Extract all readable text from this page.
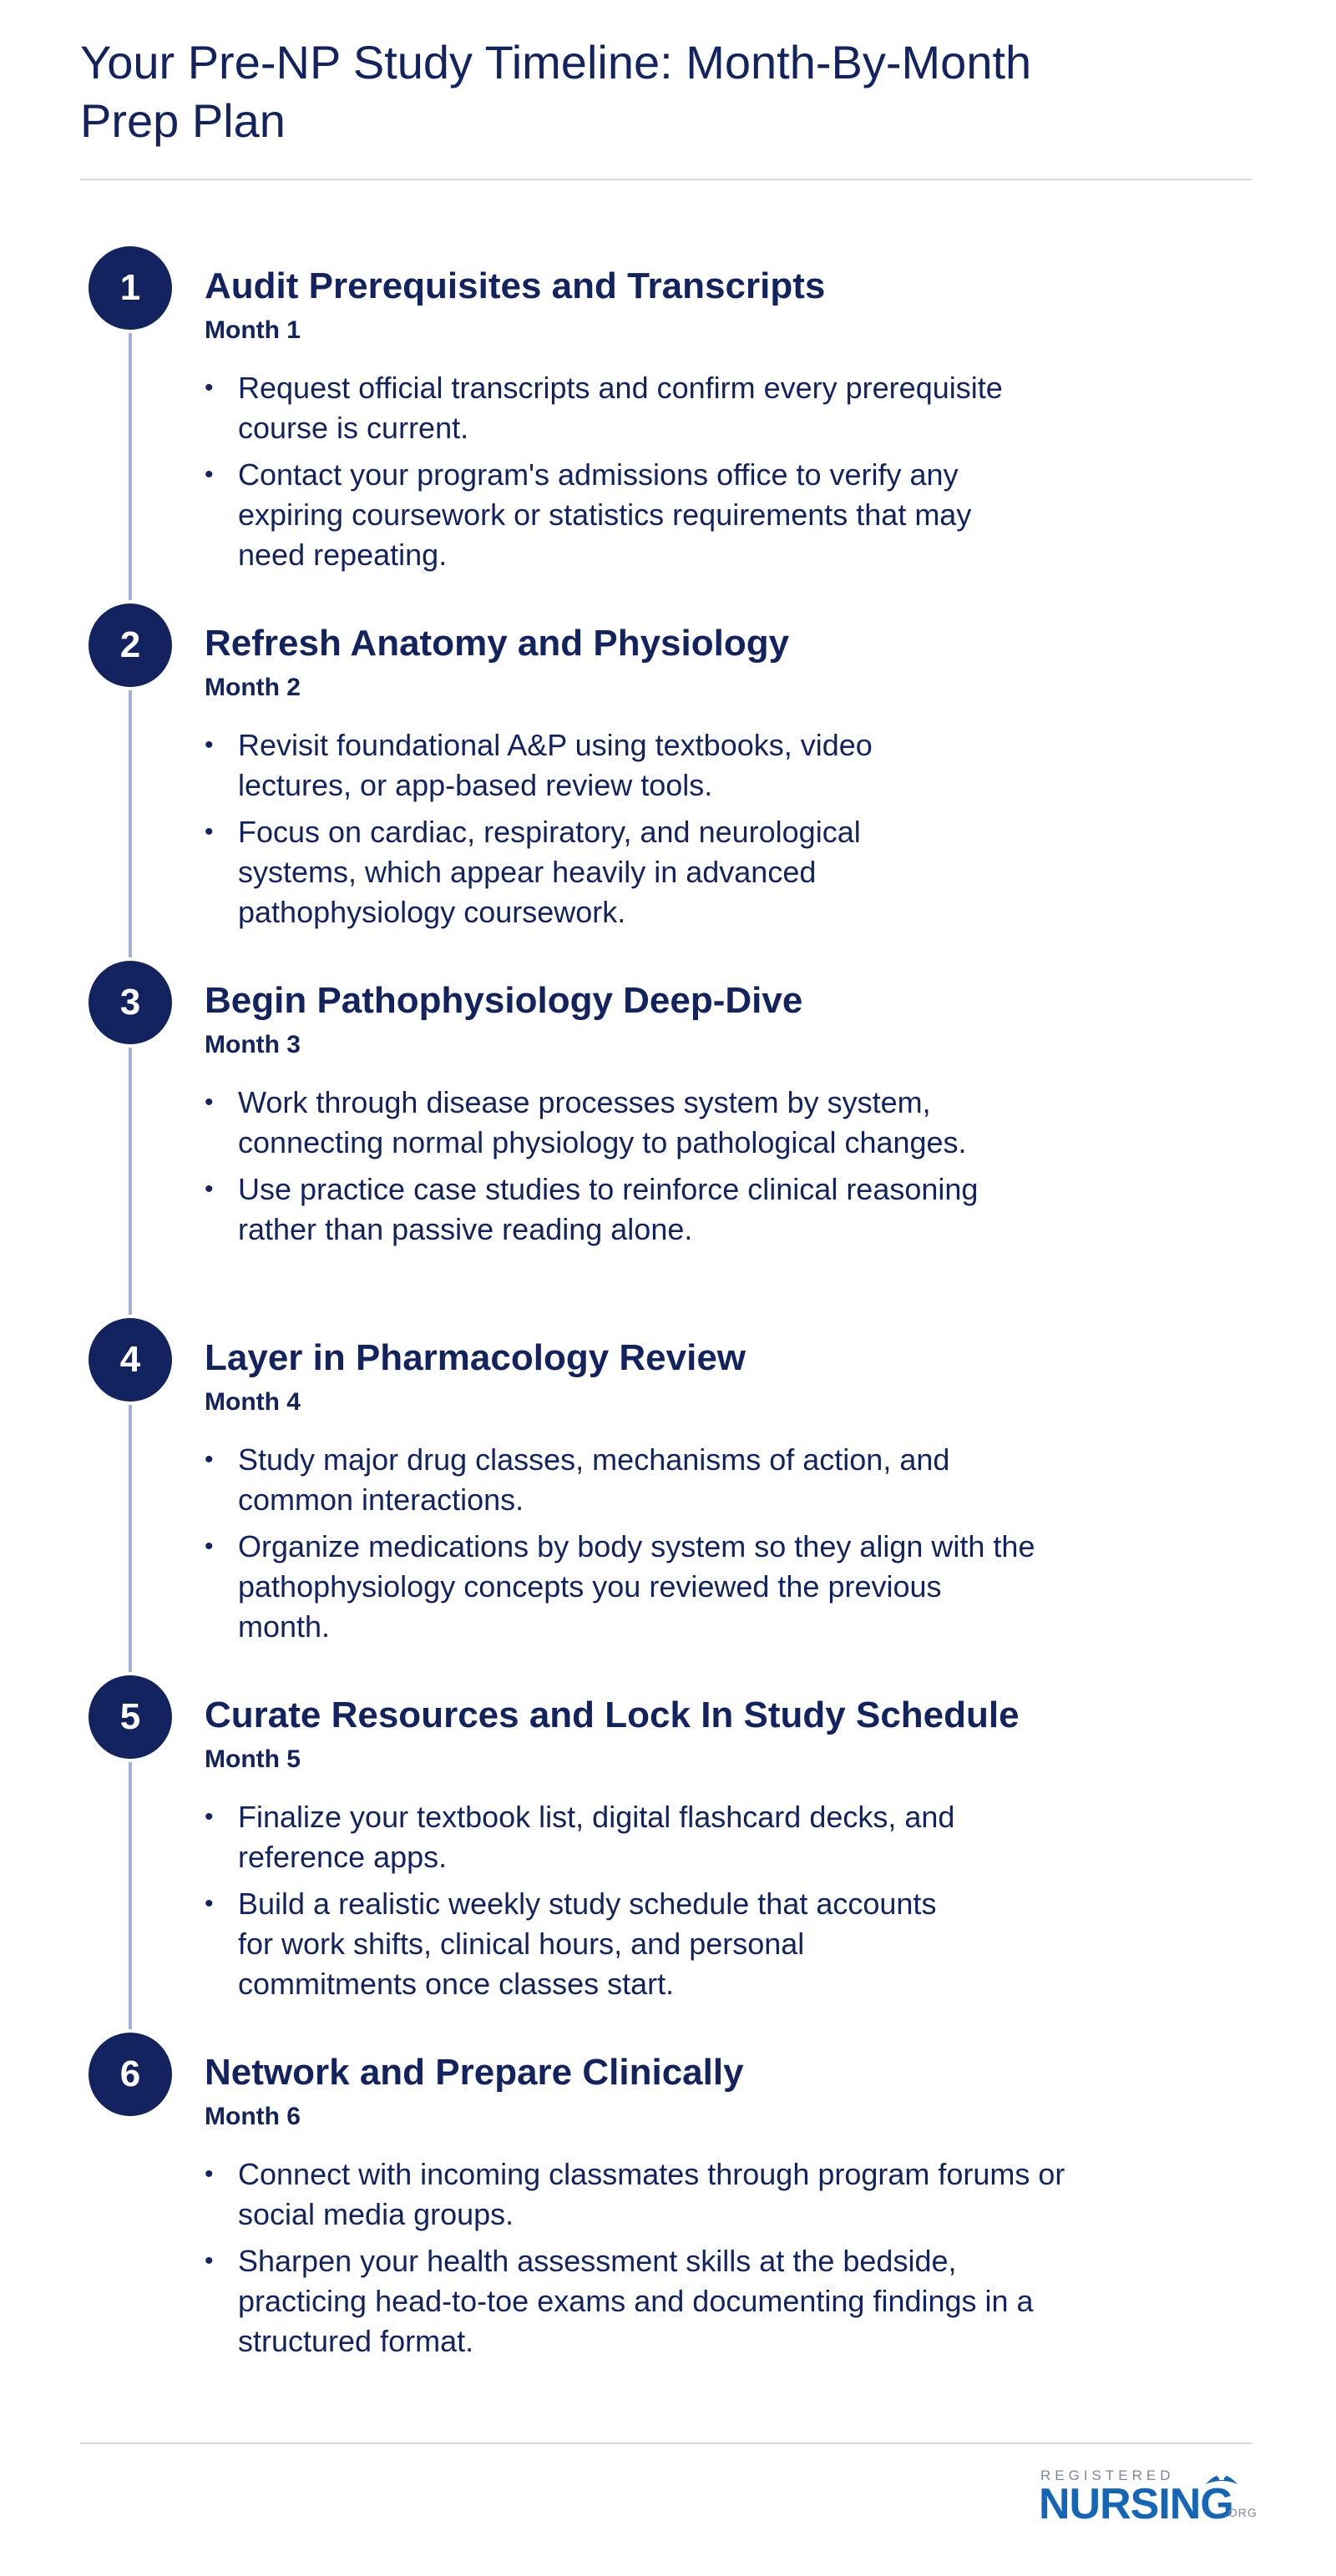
Your Pre-NP Study Timeline: Month-By-Month Prep Plan
1	Audit Prerequisites and Transcripts
Month 1
• Request official transcripts and confirm every prerequisite course is current.
• Contact your program's admissions office to verify any expiring coursework or statistics requirements that may need repeating.
2	Refresh Anatomy and Physiology
Month 2
• Revisit foundational A&P using textbooks, video lectures, or app-based review tools.
• Focus on cardiac, respiratory, and neurological systems, which appear heavily in advanced pathophysiology coursework.
3	Begin Pathophysiology Deep-Dive
Month 3
• Work through disease processes system by system, connecting normal physiology to pathological changes.
• Use practice case studies to reinforce clinical reasoning rather than passive reading alone.
4	Layer in Pharmacology Review
Month 4
• Study major drug classes, mechanisms of action, and common interactions.
• Organize medications by body system so they align with the pathophysiology concepts you reviewed the previous month.
5	Curate Resources and Lock In Study Schedule
Month 5
• Finalize your textbook list, digital flashcard decks, and reference apps.
• Build a realistic weekly study schedule that accounts for work shifts, clinical hours, and personal commitments once classes start.
6	Network and Prepare Clinically
Month 6
• Connect with incoming classmates through program forums or social media groups.
• Sharpen your health assessment skills at the bedside, practicing head-to-toe exams and documenting findings in a structured format.
REGISTERED
NURSING
.ORG
